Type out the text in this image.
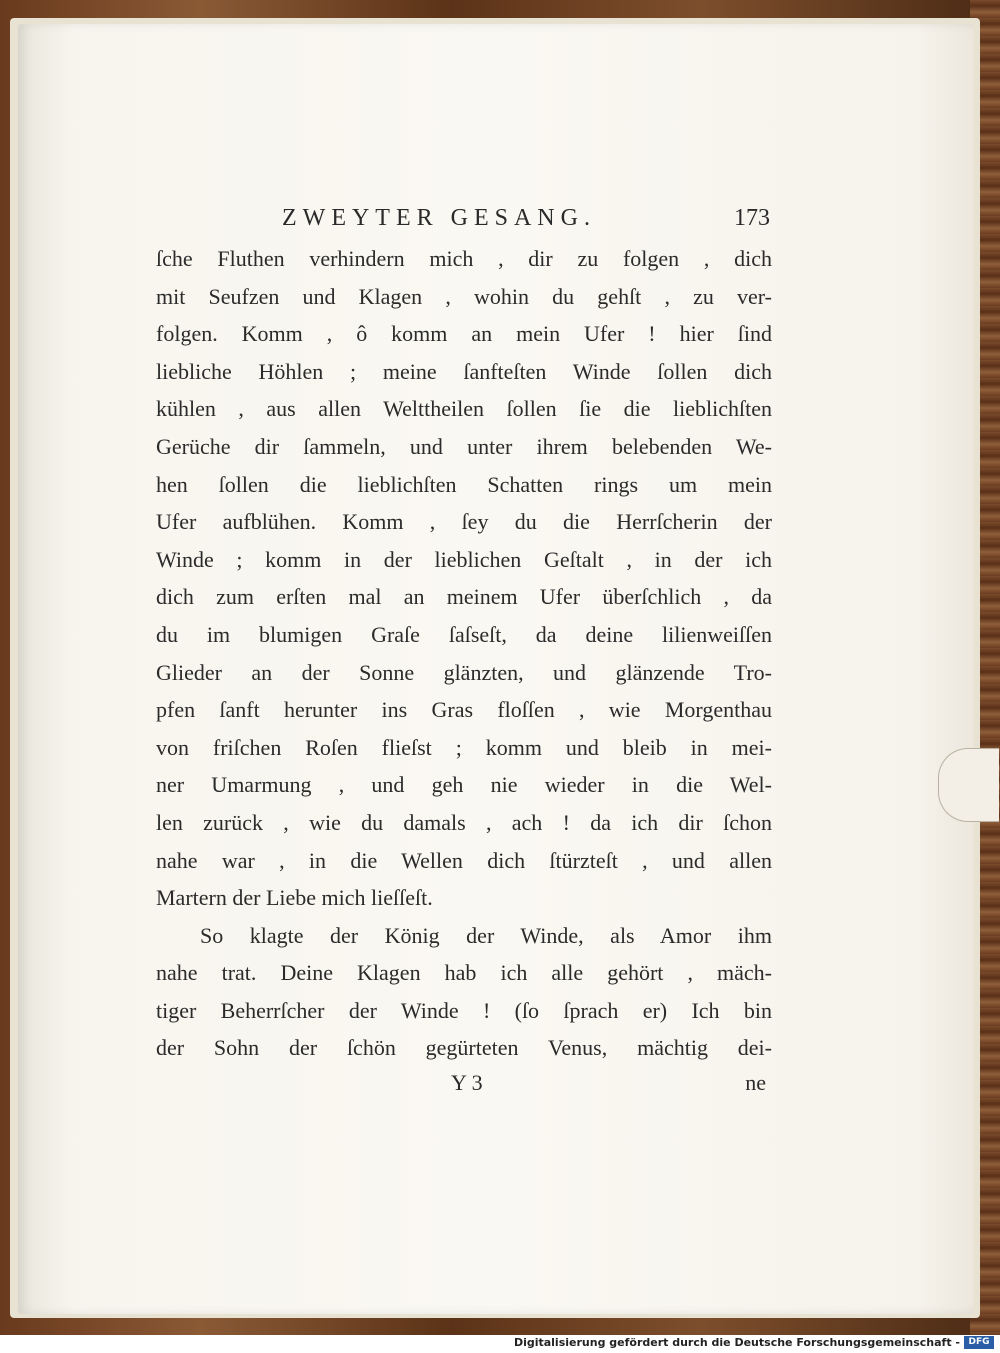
ZWEYTER GESANG.	173
ſche Fluthen verhindern mich , dir zu folgen , dich
mit Seufzen und Klagen , wohin du gehſt , zu ver-
folgen. Komm , ô komm an mein Ufer ! hier ſind
liebliche Höhlen ; meine ſanfteſten Winde ſollen dich
kühlen , aus allen Welttheilen ſollen ſie die lieblichſten
Gerüche dir ſammeln, und unter ihrem belebenden We-
hen ſollen die lieblichſten Schatten rings um mein
Ufer aufblühen. Komm , ſey du die Herrſcherin der
Winde ; komm in der lieblichen Geſtalt , in der ich
dich zum erſten mal an meinem Ufer überſchlich , da
du im blumigen Graſe ſaſseſt, da deine lilienweiſſen
Glieder an der Sonne glänzten, und glänzende Tro-
pfen ſanft herunter ins Gras floſſen , wie Morgenthau
von friſchen Roſen flieſst ; komm und bleib in mei-
ner Umarmung , und geh nie wieder in die Wel-
len zurück , wie du damals , ach ! da ich dir ſchon
nahe war , in die Wellen dich ſtürzteſt , und allen
Martern der Liebe mich lieſſeſt.
So klagte der König der Winde, als Amor ihm
nahe trat. Deine Klagen hab ich alle gehört , mäch-
tiger Beherrſcher der Winde ! (ſo ſprach er) Ich bin
der Sohn der ſchön gegürteten Venus, mächtig dei-
Y 3	ne
Digitalisierung gefördert durch die Deutsche Forschungsgemeinschaft - DFG
